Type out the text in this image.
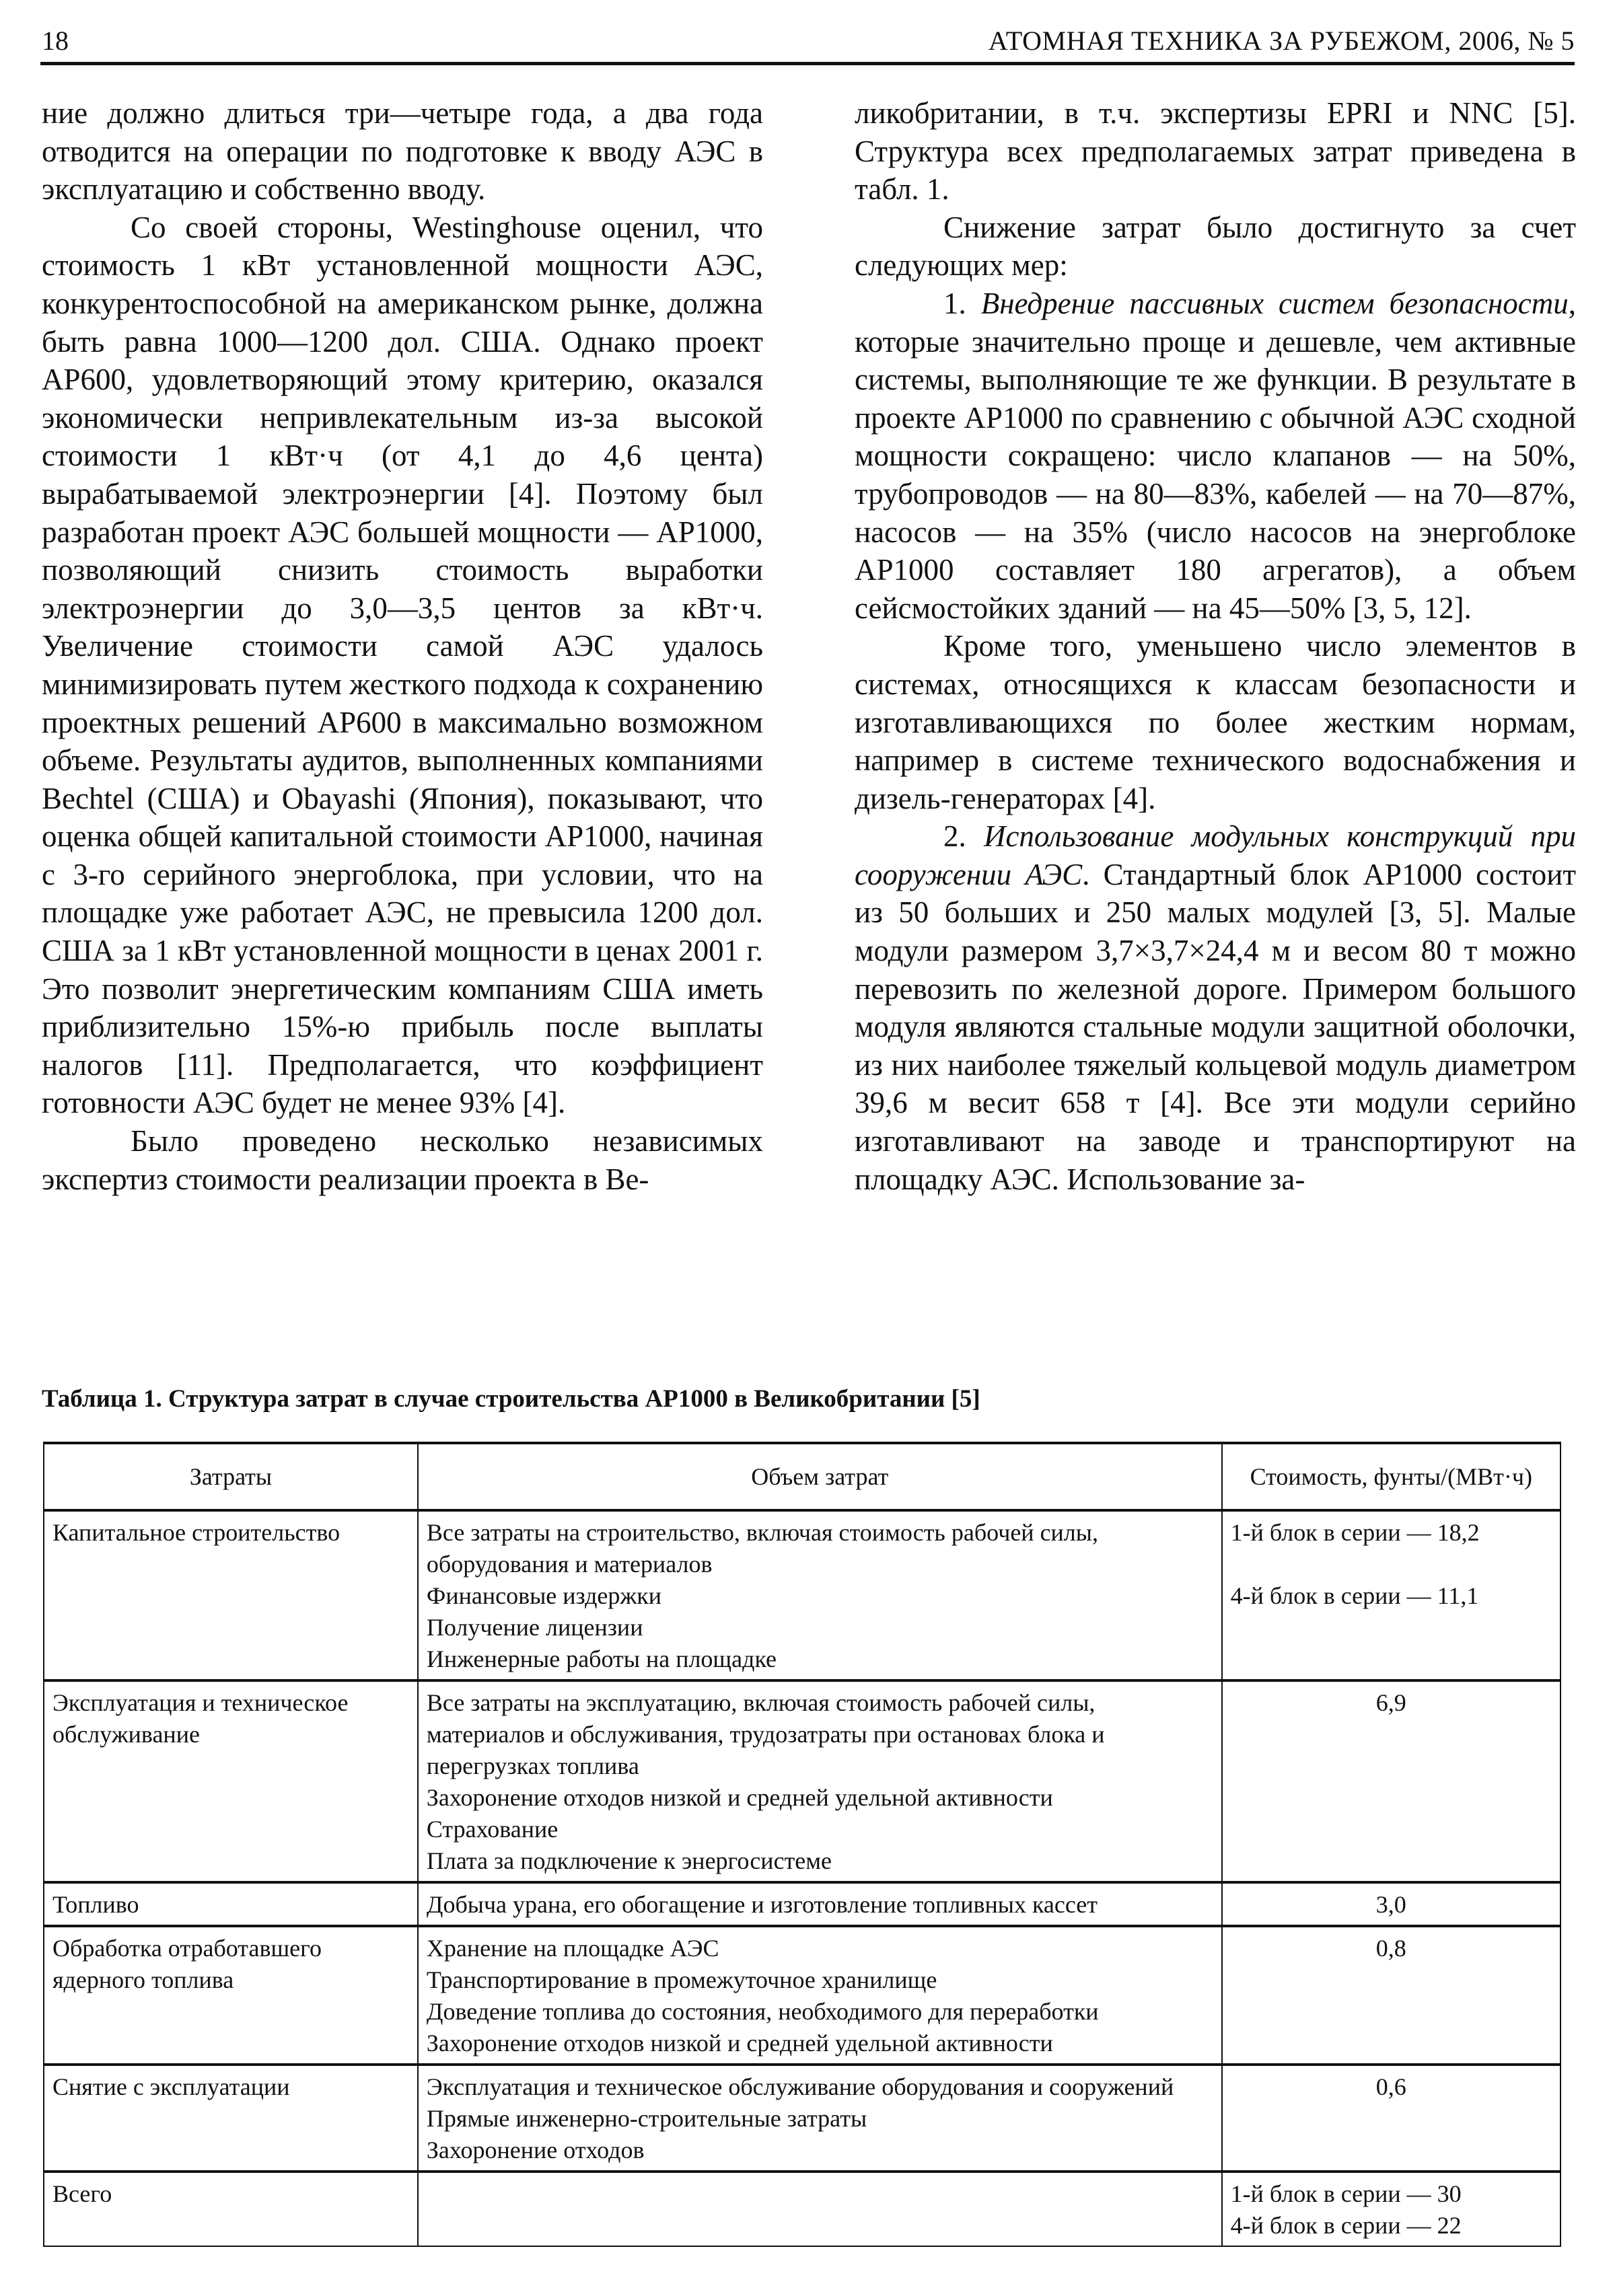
18	АТОМНАЯ ТЕХНИКА ЗА РУБЕЖОМ, 2006, № 5

ние должно длиться три—четыре года, а два года отводится на операции по подготовке к вводу АЭС в эксплуатацию и собственно вводу.

Со своей стороны, Westinghouse оценил, что стоимость 1 кВт установленной мощности АЭС, конкурентоспособной на американском рынке, должна быть равна 1000—1200 дол. США. Однако проект АР600, удовлетворяющий этому критерию, оказался экономически непривлекательным из-за высокой стоимости 1 кВт·ч (от 4,1 до 4,6 цента) вырабатываемой электроэнергии [4]. Поэтому был разработан проект АЭС большей мощности — АР1000, позволяющий снизить стоимость выработки электроэнергии до 3,0—3,5 центов за кВт·ч. Увеличение стоимости самой АЭС удалось минимизировать путем жесткого подхода к сохранению проектных решений АР600 в максимально возможном объеме. Результаты аудитов, выполненных компаниями Bechtel (США) и Obayashi (Япония), показывают, что оценка общей капитальной стоимости АР1000, начиная с 3-го серийного энергоблока, при условии, что на площадке уже работает АЭС, не превысила 1200 дол. США за 1 кВт установленной мощности в ценах 2001 г. Это позволит энергетическим компаниям США иметь приблизительно 15%-ю прибыль после выплаты налогов [11]. Предполагается, что коэффициент готовности АЭС будет не менее 93% [4].

Было проведено несколько независимых экспертиз стоимости реализации проекта в Ве-

ликобритании, в т.ч. экспертизы EPRI и NNC [5]. Структура всех предполагаемых затрат приведена в табл. 1.

Снижение затрат было достигнуто за счет следующих мер:

1. Внедрение пассивных систем безопасности, которые значительно проще и дешевле, чем активные системы, выполняющие те же функции. В результате в проекте АР1000 по сравнению с обычной АЭС сходной мощности сокращено: число клапанов — на 50%, трубопроводов — на 80—83%, кабелей — на 70—87%, насосов — на 35% (число насосов на энергоблоке АР1000 составляет 180 агрегатов), а объем сейсмостойких зданий — на 45—50% [3, 5, 12].

Кроме того, уменьшено число элементов в системах, относящихся к классам безопасности и изготавливающихся по более жестким нормам, например в системе технического водоснабжения и дизель-генераторах [4].

2. Использование модульных конструкций при сооружении АЭС. Стандартный блок АР1000 состоит из 50 больших и 250 малых модулей [3, 5]. Малые модули размером 3,7×3,7×24,4 м и весом 80 т можно перевозить по железной дороге. Примером большого модуля являются стальные модули защитной оболочки, из них наиболее тяжелый кольцевой модуль диаметром 39,6 м весит 658 т [4]. Все эти модули серийно изготавливают на заводе и транспортируют на площадку АЭС. Использование за-

Таблица 1. Структура затрат в случае строительства АР1000 в Великобритании [5]
Затраты	Объем затрат	Стоимость, фунты/(МВт·ч)
Капитальное строительство	Все затраты на строительство, включая стоимость рабочей силы, оборудования и материалов
Финансовые издержки
Получение лицензии
Инженерные работы на площадке	1-й блок в серии — 18,2
4-й блок в серии — 11,1

Эксплуатация и техническое обслуживание	Все затраты на эксплуатацию, включая стоимость рабочей силы, материалов и обслуживания, трудозатраты при остановах блока и перегрузках топлива
Захоронение отходов низкой и средней удельной активности
Страхование
Плата за подключение к энергосистеме	6,9
Топливо	Добыча урана, его обогащение и изготовление топливных кассет	3,0
Обработка отработавшего ядерного топлива	Хранение на площадке АЭС
Транспортирование в промежуточное хранилище
Доведение топлива до состояния, необходимого для переработки
Захоронение отходов низкой и средней удельной активности	0,8
Снятие с эксплуатации	Эксплуатация и техническое обслуживание оборудования и сооружений
Прямые инженерно-строительные затраты
Захоронение отходов	0,6
Всего		1-й блок в серии — 30
4-й блок в серии — 22
